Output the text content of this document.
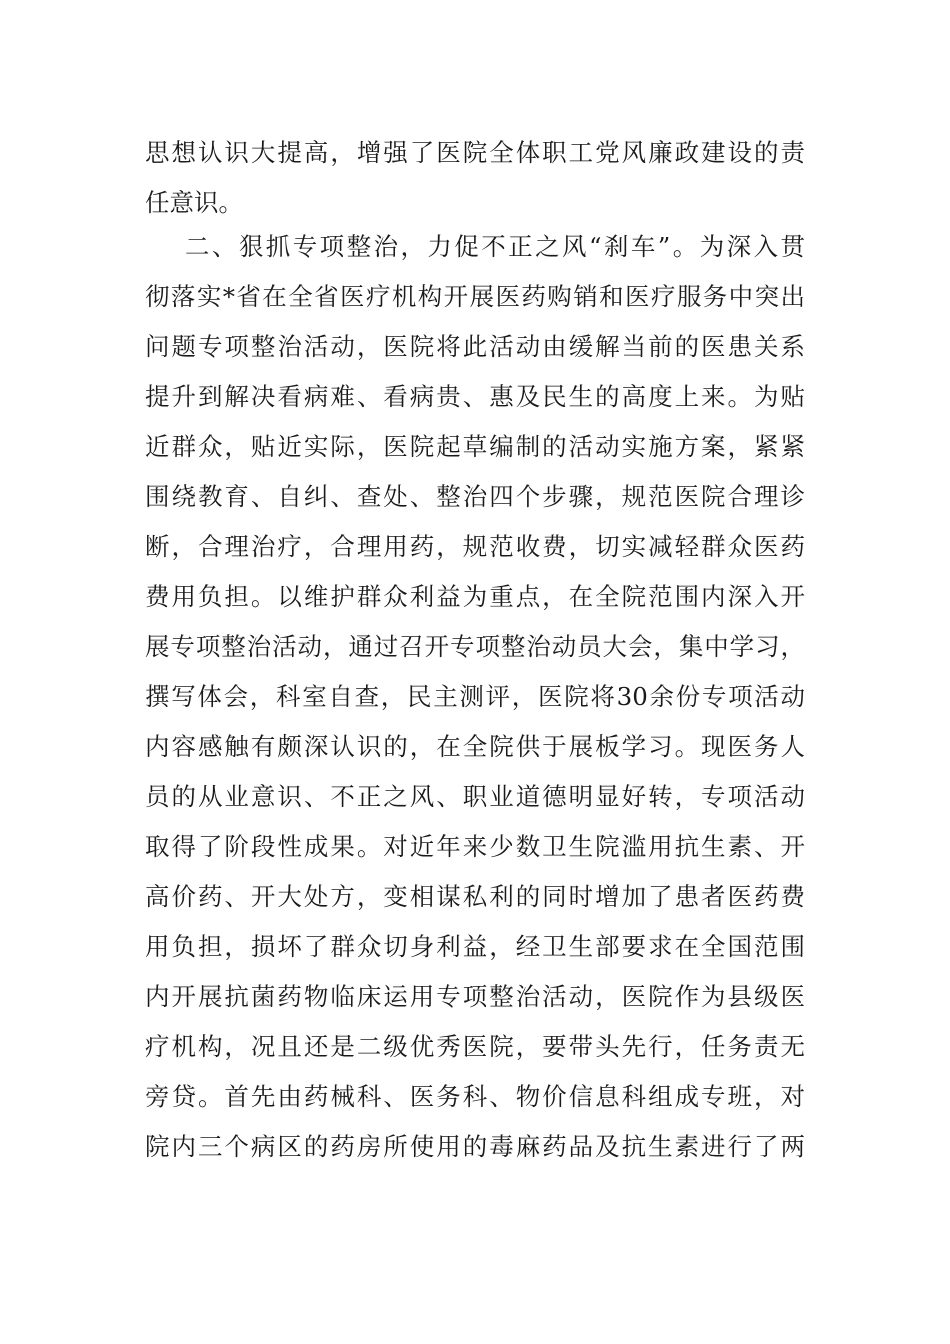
思想认识大提高，增强了医院全体职工党风廉政建设的责
任意识。
二、狠抓专项整治，力促不正之风“刹车”。为深入贯
彻落实*省在全省医疗机构开展医药购销和医疗服务中突出
问题专项整治活动，医院将此活动由缓解当前的医患关系
提升到解决看病难、看病贵、惠及民生的高度上来。为贴
近群众，贴近实际，医院起草编制的活动实施方案，紧紧
围绕教育、自纠、查处、整治四个步骤，规范医院合理诊
断，合理治疗，合理用药，规范收费，切实减轻群众医药
费用负担。以维护群众利益为重点，在全院范围内深入开
展专项整治活动，通过召开专项整治动员大会，集中学习，
撰写体会，科室自查，民主测评，医院将30余份专项活动
内容感触有颇深认识的，在全院供于展板学习。现医务人
员的从业意识、不正之风、职业道德明显好转，专项活动
取得了阶段性成果。对近年来少数卫生院滥用抗生素、开
高价药、开大处方，变相谋私利的同时增加了患者医药费
用负担，损坏了群众切身利益，经卫生部要求在全国范围
内开展抗菌药物临床运用专项整治活动，医院作为县级医
疗机构，况且还是二级优秀医院，要带头先行，任务责无
旁贷。首先由药械科、医务科、物价信息科组成专班，对
院内三个病区的药房所使用的毒麻药品及抗生素进行了两
